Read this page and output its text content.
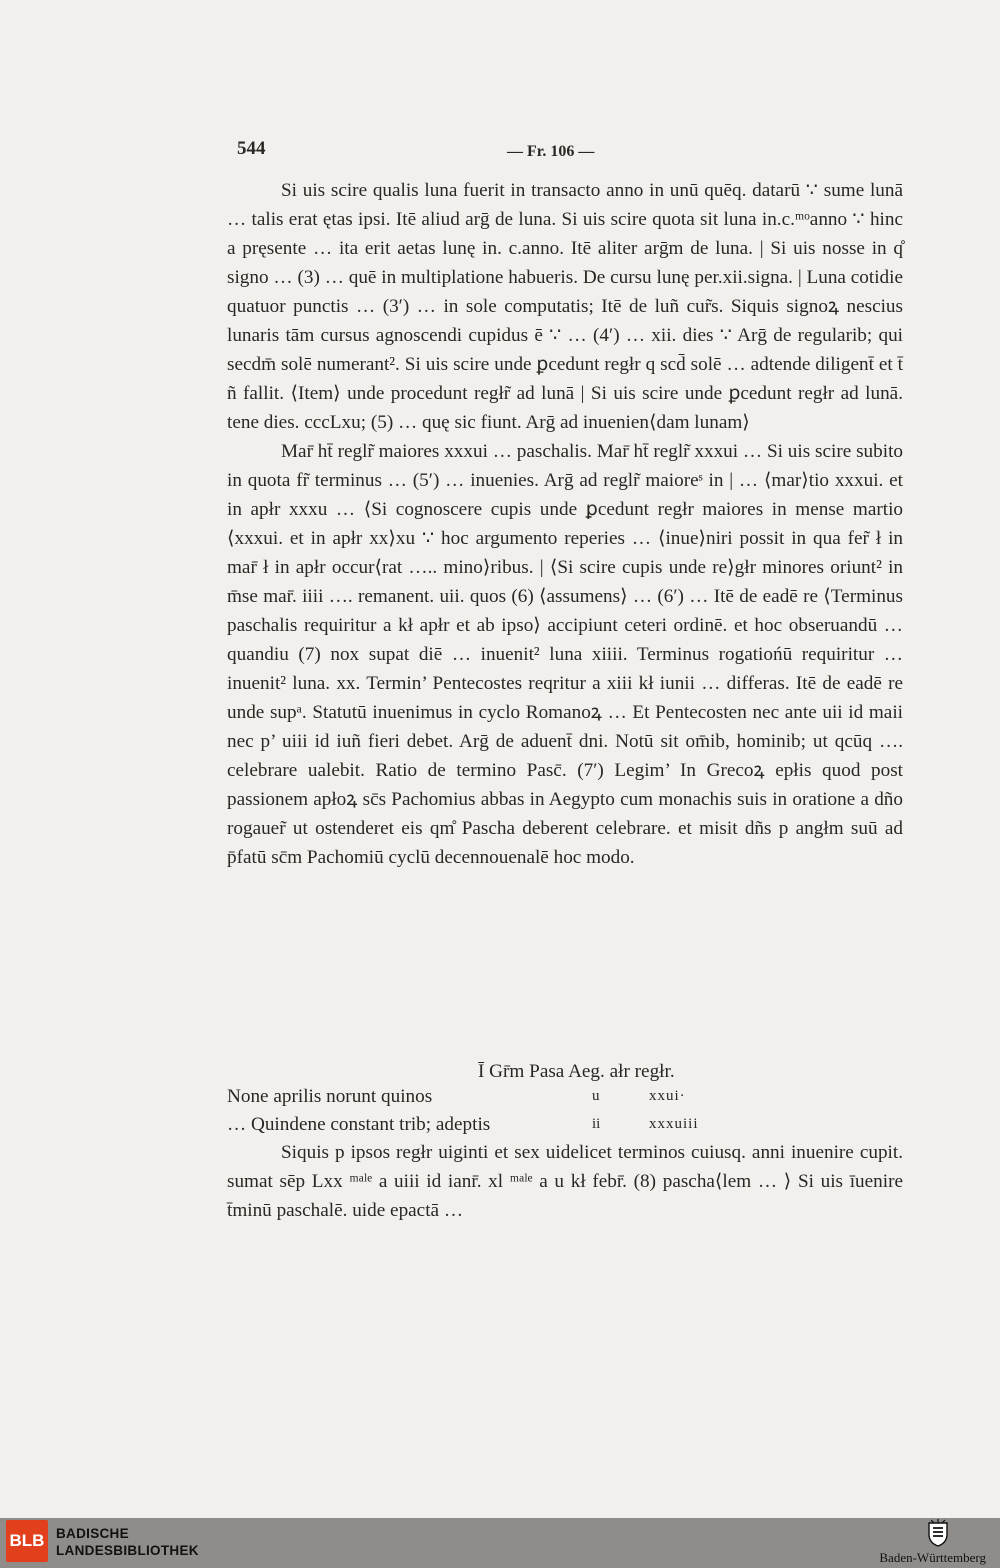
544	— Fr. 106 —

Si uis scire qualis luna fuerit in transacto anno in unū quēq. datarū ∵ sume lunā … talis erat ętas ipsi. Itē aliud arḡ de luna. Si uis scire quota sit luna in.c.ᵐᵒanno ∵ hinc a pręsente … ita erit aetas lunę in. c.anno. Itē aliter arḡm de luna. | Si uis nosse in q̊ signo … (3) … quē in multiplatione habueris. De cursu lunę per.xii.signa. | Luna cotidie quatuor punctis … (3′) … in sole computatis; Itē de luñ cur̃s. Siquis signoꝝ nescius lunaris tām cursus agnoscendi cupidus ē ∵ … (4′) … xii. dies ∵ Arḡ de regularib; qui secdm̄ solē numerant². Si uis scire unde ꝑcedunt regłr q scd̄ solē … adtende diligent̄ et t̄ ñ fallit. ⟨Item⟩ unde procedunt regłr̃ ad lunā | Si uis scire unde ꝑcedunt regłr ad lunā. tene dies. cccLxu; (5) … quę sic fiunt. Arḡ ad inuenien⟨dam lunam⟩

Mar̄ ht̄ reglr̃ maiores xxxui … paschalis. Mar̄ ht̄ reglr̃ xxxui … Si uis scire subito in quota fr̃ terminus … (5′) … inuenies. Arḡ ad reglr̃ maioreˢ in | … ⟨mar⟩tio xxxui. et in apłr xxxu … ⟨Si cognoscere cupis unde ꝑcedunt regłr maiores in mense martio ⟨xxxui. et in apłr xx⟩xu ∵ hoc argumento reperies … ⟨inue⟩niri possit in qua fer̃ ł in mar̄ ł in apłr occur⟨rat ….. mino⟩ribus. | ⟨Si scire cupis unde re⟩głr minores oriunt² in m̄se mar̄. iiii …. remanent. uii. quos (6) ⟨assumens⟩ … (6′) … Itē de eadē re ⟨Terminus paschalis requiritur a kł apłr et ab ipso⟩ accipiunt ceteri ordinē. et hoc obseruandū … quandiu (7) nox supat diē … inuenit² luna xiiii. Terminus rogatiońū requiritur … inuenit² luna. xx. Termin’ Pentecostes reqritur a xiii kł iunii … differas. Itē de eadē re unde supᵃ. Statutū inuenimus in cyclo Romanoꝝ … Et Pentecosten nec ante uii id maii nec p’ uiii id iuñ fieri debet. Arḡ de aduent̄ dni. Notū sit om̄ib, hominib; ut qcūq …. celebrare ualebit. Ratio de termino Pasc̄. (7′) Legim’ In Grecoꝝ epłis quod post passionem apłoꝝ sc̄s Pachomius abbas in Aegypto cum monachis suis in oratione a dño rogauer̃ ut ostenderet eis qm̊ Pascha deberent celebrare. et misit dñs p angłm suū ad p̄fatū sc̄m Pachomiū cyclū decennouenalē hoc modo.

Ī Gr̄m Pasa Aeg. ałr regłr.
None aprilis norunt quinos	u	xxui·
… Quindene constant trib; adeptis	ii	xxxuiii

Siquis p ipsos regłr uiginti et sex uidelicet terminos cuiusq. anni inuenire cupit. sumat sēp Lxx ᵐᵃˡᵉ a uiii id ianr̄. xl ᵐᵃˡᵉ a u kł febr̄. (8) pascha⟨lem … ⟩ Si uis īuenire t̄minū paschalē. uide epactā …

BLB BADISCHE
LANDESBIBLIOTHEK	Baden-Württemberg
